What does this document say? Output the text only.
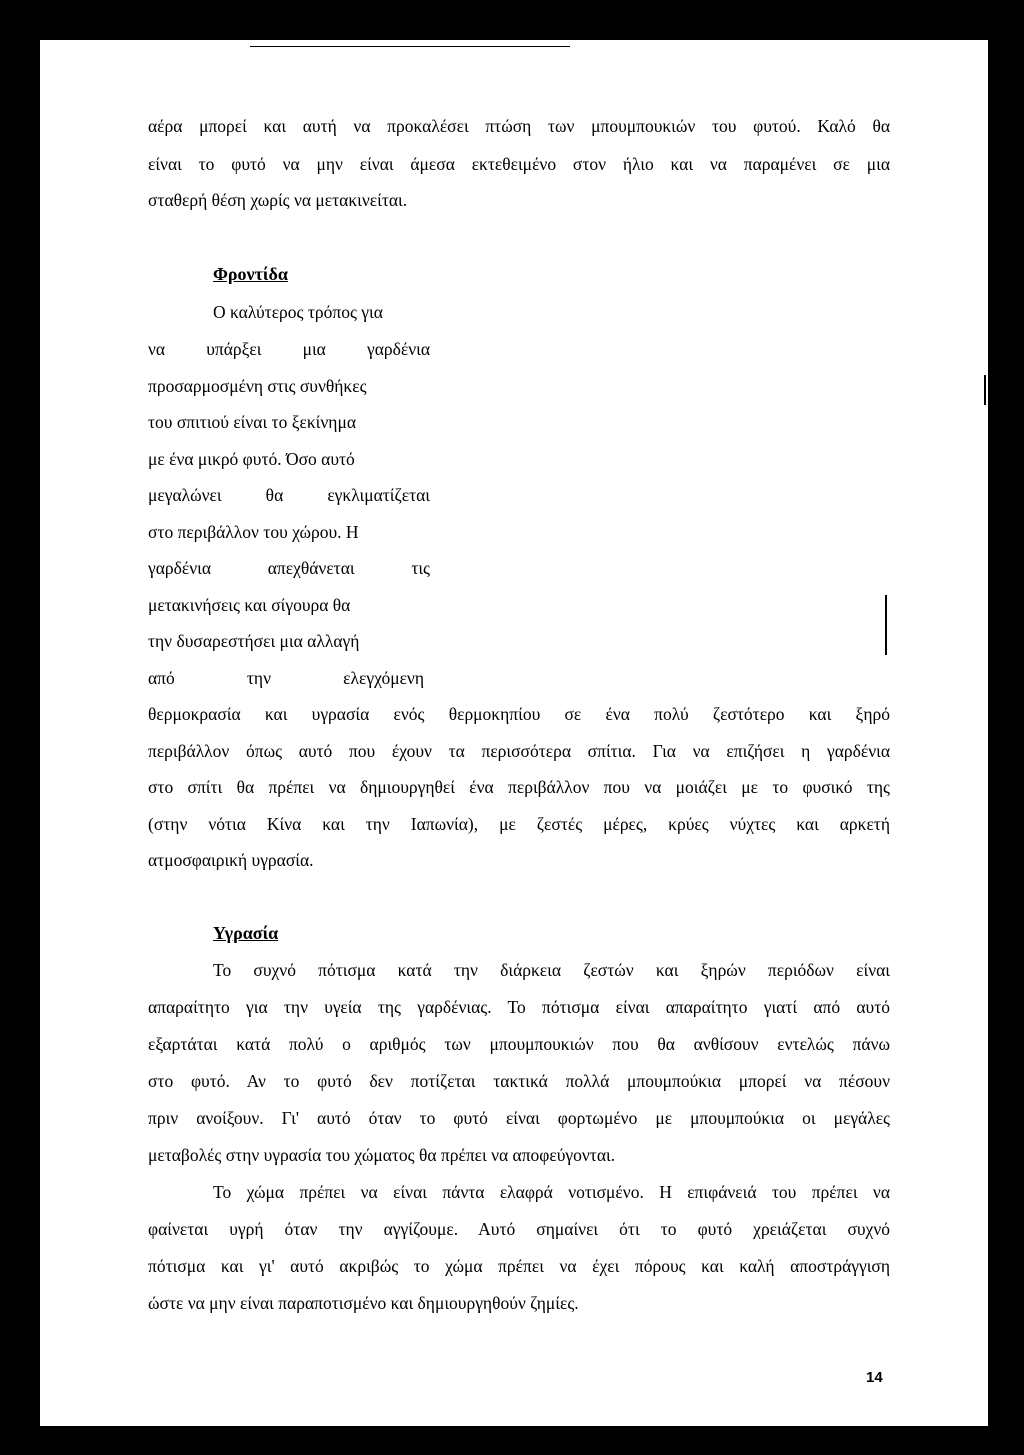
αέρα μπορεί και αυτή να προκαλέσει πτώση των μπουμπουκιών του φυτού. Καλό θα
είναι το φυτό να μην είναι άμεσα εκτεθειμένο στον ήλιο και να παραμένει σε μια
σταθερή θέση χωρίς να μετακινείται.
Φροντίδα
Ο καλύτερος τρόπος για
να υπάρξει μια γαρδένια
προσαρμοσμένη στις συνθήκες
του σπιτιού είναι το ξεκίνημα
με ένα μικρό φυτό. Όσο αυτό
μεγαλώνει θα εγκλιματίζεται
στο περιβάλλον του χώρου. Η
γαρδένια απεχθάνεται τις
μετακινήσεις και σίγουρα θα
την δυσαρεστήσει μια αλλαγή
από την ελεγχόμενη
θερμοκρασία και υγρασία ενός θερμοκηπίου σε ένα πολύ ζεστότερο και ξηρό
περιβάλλον όπως αυτό που έχουν τα περισσότερα σπίτια. Για να επιζήσει η γαρδένια
στο σπίτι θα πρέπει να δημιουργηθεί ένα περιβάλλον που να μοιάζει με το φυσικό της
(στην νότια Κίνα και την Ιαπωνία), με ζεστές μέρες, κρύες νύχτες και αρκετή
ατμοσφαιρική υγρασία.
Υγρασία
Το συχνό πότισμα κατά την διάρκεια ζεστών και ξηρών περιόδων είναι
απαραίτητο για την υγεία της γαρδένιας. Το πότισμα είναι απαραίτητο γιατί από αυτό
εξαρτάται κατά πολύ ο αριθμός των μπουμπουκιών που θα ανθίσουν εντελώς πάνω
στο φυτό. Αν το φυτό δεν ποτίζεται τακτικά πολλά μπουμπούκια μπορεί να πέσουν
πριν ανοίξουν. Γι' αυτό όταν το φυτό είναι φορτωμένο με μπουμπούκια οι μεγάλες
μεταβολές στην υγρασία του χώματος θα πρέπει να αποφεύγονται.
Το χώμα πρέπει να είναι πάντα ελαφρά νοτισμένο. Η επιφάνειά του πρέπει να
φαίνεται υγρή όταν την αγγίζουμε. Αυτό σημαίνει ότι το φυτό χρειάζεται συχνό
πότισμα και γι' αυτό ακριβώς το χώμα πρέπει να έχει πόρους και καλή αποστράγγιση
ώστε να μην είναι παραποτισμένο και δημιουργηθούν ζημίες.
14
